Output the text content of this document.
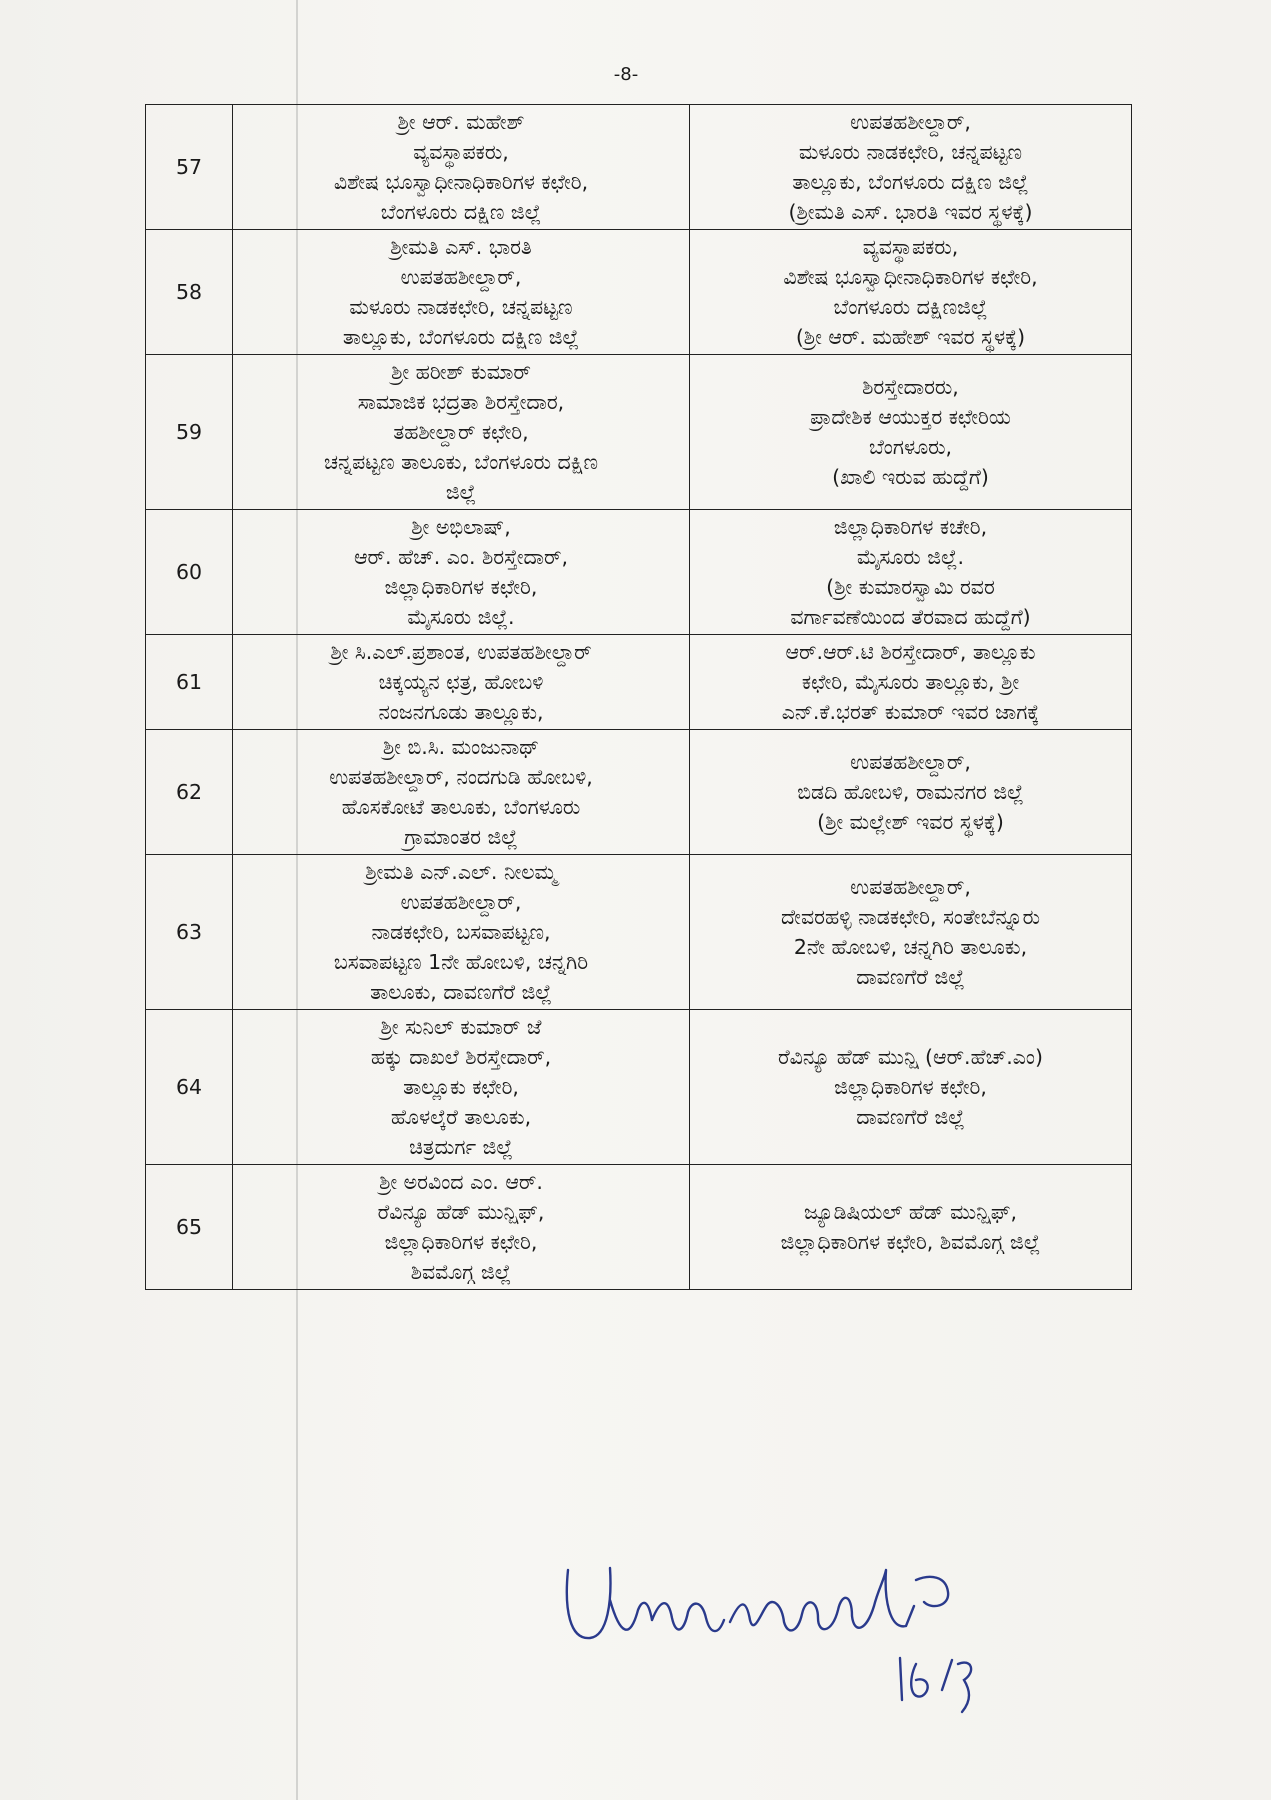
-8-
57	ಶ್ರೀ ಆರ್. ಮಹೇಶ್
ವ್ಯವಸ್ಥಾಪಕರು,
ವಿಶೇಷ ಭೂಸ್ವಾಧೀನಾಧಿಕಾರಿಗಳ ಕಛೇರಿ,
ಬೆಂಗಳೂರು ದಕ್ಷಿಣ ಜಿಲ್ಲೆ	ಉಪತಹಶೀಲ್ದಾರ್,
ಮಳೂರು ನಾಡಕಛೇರಿ, ಚನ್ನಪಟ್ಟಣ
ತಾಲ್ಲೂಕು, ಬೆಂಗಳೂರು ದಕ್ಷಿಣ ಜಿಲ್ಲೆ
(ಶ್ರೀಮತಿ ಎಸ್. ಭಾರತಿ ಇವರ ಸ್ಥಳಕ್ಕೆ)

58	ಶ್ರೀಮತಿ ಎಸ್. ಭಾರತಿ
ಉಪತಹಶೀಲ್ದಾರ್,
ಮಳೂರು ನಾಡಕಛೇರಿ, ಚನ್ನಪಟ್ಟಣ
ತಾಲ್ಲೂಕು, ಬೆಂಗಳೂರು ದಕ್ಷಿಣ ಜಿಲ್ಲೆ	ವ್ಯವಸ್ಥಾಪಕರು,
ವಿಶೇಷ ಭೂಸ್ವಾಧೀನಾಧಿಕಾರಿಗಳ ಕಛೇರಿ,
ಬೆಂಗಳೂರು ದಕ್ಷಿಣಜಿಲ್ಲೆ
(ಶ್ರೀ ಆರ್. ಮಹೇಶ್ ಇವರ ಸ್ಥಳಕ್ಕೆ)

59	ಶ್ರೀ ಹರೀಶ್ ಕುಮಾರ್
ಸಾಮಾಜಿಕ ಭದ್ರತಾ ಶಿರಸ್ತೇದಾರ,
ತಹಶೀಲ್ದಾರ್ ಕಛೇರಿ,
ಚನ್ನಪಟ್ಟಣ ತಾಲೂಕು, ಬೆಂಗಳೂರು ದಕ್ಷಿಣ
ಜಿಲ್ಲೆ	ಶಿರಸ್ತೇದಾರರು,
ಪ್ರಾದೇಶಿಕ ಆಯುಕ್ತರ ಕಛೇರಿಯ
ಬೆಂಗಳೂರು,
(ಖಾಲಿ ಇರುವ ಹುದ್ದೆಗೆ)

60	ಶ್ರೀ ಅಭಿಲಾಷ್,
ಆರ್. ಹೆಚ್. ಎಂ. ಶಿರಸ್ತೇದಾರ್,
ಜಿಲ್ಲಾಧಿಕಾರಿಗಳ ಕಛೇರಿ,
ಮೈಸೂರು ಜಿಲ್ಲೆ.	ಜಿಲ್ಲಾಧಿಕಾರಿಗಳ ಕಚೇರಿ,
ಮೈಸೂರು ಜಿಲ್ಲೆ.
(ಶ್ರೀ ಕುಮಾರಸ್ವಾಮಿ ರವರ
ವರ್ಗಾವಣೆಯಿಂದ ತೆರವಾದ ಹುದ್ದೆಗೆ)

61	ಶ್ರೀ ಸಿ.ಎಲ್.ಪ್ರಶಾಂತ, ಉಪತಹಶೀಲ್ದಾರ್
ಚಿಕ್ಕಯ್ಯನ ಛತ್ರ, ಹೋಬಳಿ
ನಂಜನಗೂಡು ತಾಲ್ಲೂಕು,	ಆರ್.ಆರ್.ಟಿ ಶಿರಸ್ತೇದಾರ್, ತಾಲ್ಲೂಕು
ಕಛೇರಿ, ಮೈಸೂರು ತಾಲ್ಲೂಕು, ಶ್ರೀ
ಎನ್.ಕೆ.ಭರತ್ ಕುಮಾರ್ ಇವರ ಜಾಗಕ್ಕೆ

62	ಶ್ರೀ ಬಿ.ಸಿ. ಮಂಜುನಾಥ್
ಉಪತಹಶೀಲ್ದಾರ್, ನಂದಗುಡಿ ಹೋಬಳಿ,
ಹೊಸಕೋಟೆ ತಾಲೂಕು, ಬೆಂಗಳೂರು
ಗ್ರಾಮಾಂತರ ಜಿಲ್ಲೆ	ಉಪತಹಶೀಲ್ದಾರ್,
ಬಿಡದಿ ಹೋಬಳಿ, ರಾಮನಗರ ಜಿಲ್ಲೆ
(ಶ್ರೀ ಮಲ್ಲೇಶ್ ಇವರ ಸ್ಥಳಕ್ಕೆ)

63	ಶ್ರೀಮತಿ ಎನ್.ಎಲ್. ನೀಲಮ್ಮ
ಉಪತಹಶೀಲ್ದಾರ್,
ನಾಡಕಛೇರಿ, ಬಸವಾಪಟ್ಟಣ,
ಬಸವಾಪಟ್ಟಣ 1ನೇ ಹೋಬಳಿ, ಚನ್ನಗಿರಿ
ತಾಲೂಕು, ದಾವಣಗೆರೆ ಜಿಲ್ಲೆ	ಉಪತಹಶೀಲ್ದಾರ್,
ದೇವರಹಳ್ಳಿ ನಾಡಕಛೇರಿ, ಸಂತೇಬೆನ್ನೂರು
2ನೇ ಹೋಬಳಿ, ಚನ್ನಗಿರಿ ತಾಲೂಕು,
ದಾವಣಗೆರೆ ಜಿಲ್ಲೆ

64	ಶ್ರೀ ಸುನಿಲ್ ಕುಮಾರ್ ಜೆ
ಹಕ್ಕು ದಾಖಲೆ ಶಿರಸ್ತೇದಾರ್,
ತಾಲ್ಲೂಕು ಕಛೇರಿ,
ಹೊಳಲ್ಕೆರೆ ತಾಲೂಕು,
ಚಿತ್ರದುರ್ಗ ಜಿಲ್ಲೆ	ರೆವಿನ್ಯೂ ಹೆಡ್ ಮುನ್ಷಿ (ಆರ್.ಹೆಚ್.ಎಂ)
ಜಿಲ್ಲಾಧಿಕಾರಿಗಳ ಕಛೇರಿ,
ದಾವಣಗೆರೆ ಜಿಲ್ಲೆ

65	ಶ್ರೀ ಅರವಿಂದ ಎಂ. ಆರ್.
ರೆವಿನ್ಯೂ ಹೆಡ್ ಮುನ್ಷಿಫ್,
ಜಿಲ್ಲಾಧಿಕಾರಿಗಳ ಕಛೇರಿ,
ಶಿವಮೊಗ್ಗ ಜಿಲ್ಲೆ	ಜ್ಯೂಡಿಷಿಯಲ್ ಹೆಡ್ ಮುನ್ಷಿಫ್,
ಜಿಲ್ಲಾಧಿಕಾರಿಗಳ ಕಛೇರಿ, ಶಿವಮೊಗ್ಗ ಜಿಲ್ಲೆ
